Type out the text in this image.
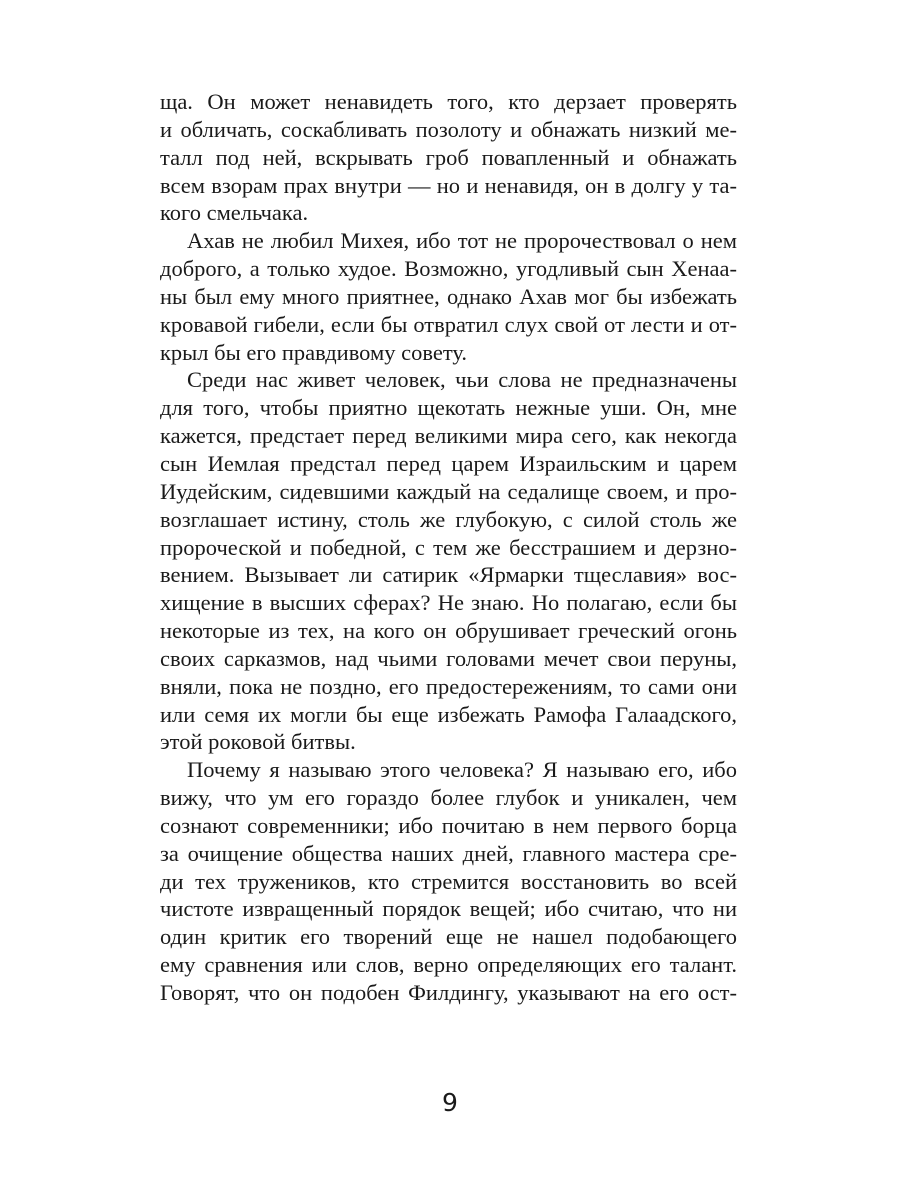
ща. Он может ненавидеть того, кто дерзает проверять
и обличать, соскабливать позолоту и обнажать низкий ме-
талл под ней, вскрывать гроб повапленный и обнажать
всем взорам прах внутри — но и ненавидя, он в долгу у та-
кого смельчака.
Ахав не любил Михея, ибо тот не пророчествовал о нем
доброго, а только худое. Возможно, угодливый сын Хенаа-
ны был ему много приятнее, однако Ахав мог бы избежать
кровавой гибели, если бы отвратил слух свой от лести и от-
крыл бы его правдивому совету.
Среди нас живет человек, чьи слова не предназначены
для того, чтобы приятно щекотать нежные уши. Он, мне
кажется, предстает перед великими мира сего, как некогда
сын Иемлая предстал перед царем Израильским и царем
Иудейским, сидевшими каждый на седалище своем, и про-
возглашает истину, столь же глубокую, с силой столь же
пророческой и победной, с тем же бесстрашием и дерзно-
вением. Вызывает ли сатирик «Ярмарки тщеславия» вос-
хищение в высших сферах? Не знаю. Но полагаю, если бы
некоторые из тех, на кого он обрушивает греческий огонь
своих сарказмов, над чьими головами мечет свои перуны,
вняли, пока не поздно, его предостережениям, то сами они
или семя их могли бы еще избежать Рамофа Галаадского,
этой роковой битвы.
Почему я называю этого человека? Я называю его, ибо
вижу, что ум его гораздо более глубок и уникален, чем
сознают современники; ибо почитаю в нем первого борца
за очищение общества наших дней, главного мастера сре-
ди тех тружеников, кто стремится восстановить во всей
чистоте извращенный порядок вещей; ибо считаю, что ни
один критик его творений еще не нашел подобающего
ему сравнения или слов, верно определяющих его талант.
Говорят, что он подобен Филдингу, указывают на его ост-
9
